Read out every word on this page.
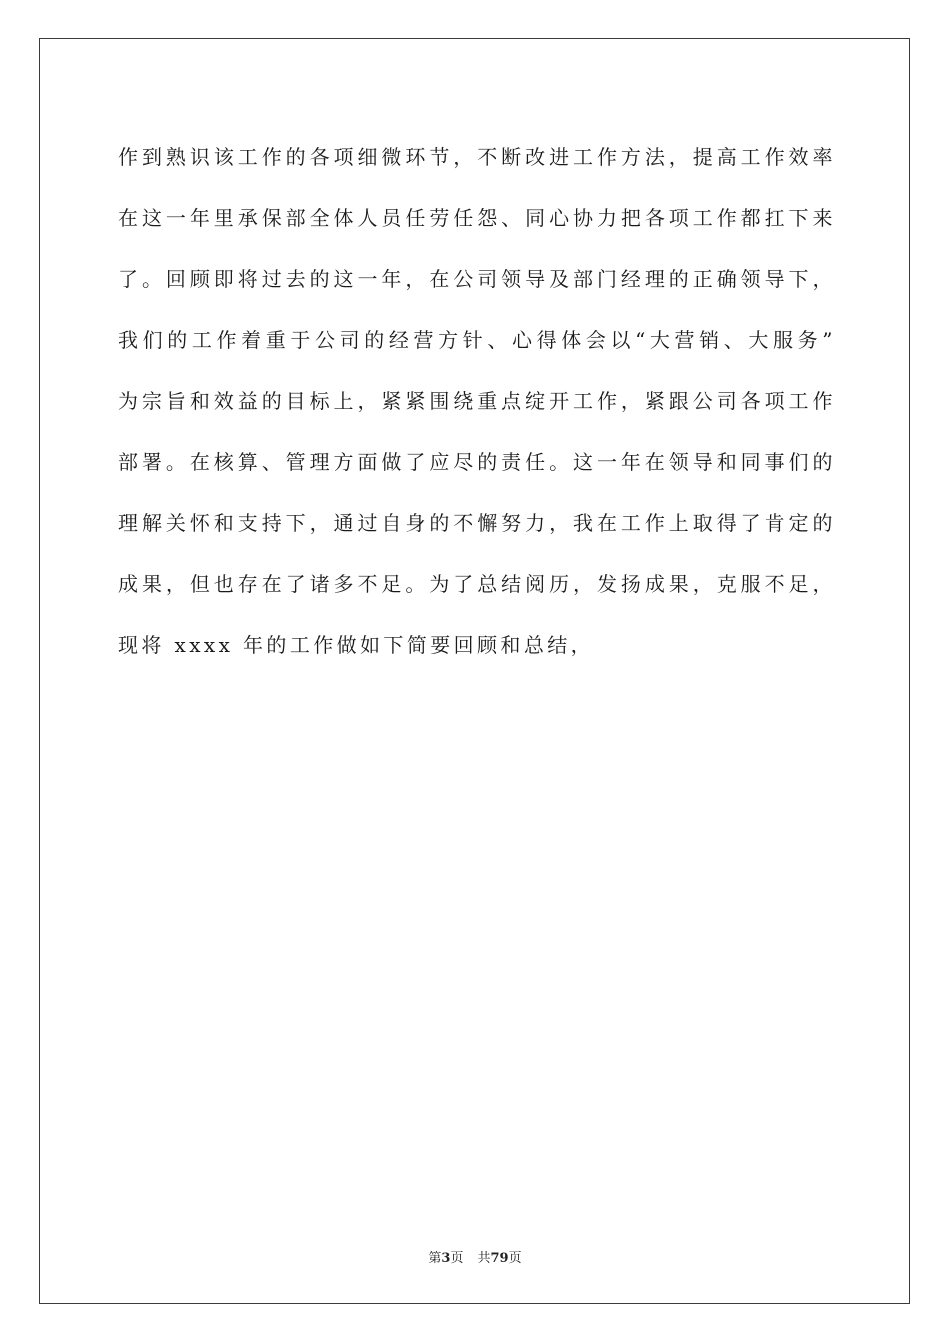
作到熟识该工作的各项细微环节，不断改进工作方法，提高工作效率
在这一年里承保部全体人员任劳任怨、同心协力把各项工作都扛下来
了。回顾即将过去的这一年，在公司领导及部门经理的正确领导下，
我们的工作着重于公司的经营方针、心得体会以“大营销、大服务”
为宗旨和效益的目标上，紧紧围绕重点绽开工作，紧跟公司各项工作
部署。在核算、管理方面做了应尽的责任。这一年在领导和同事们的
理解关怀和支持下，通过自身的不懈努力，我在工作上取得了肯定的
成果，但也存在了诸多不足。为了总结阅历，发扬成果，克服不足，
现将 xxxx 年的工作做如下简要回顾和总结，
第3页 共79页
